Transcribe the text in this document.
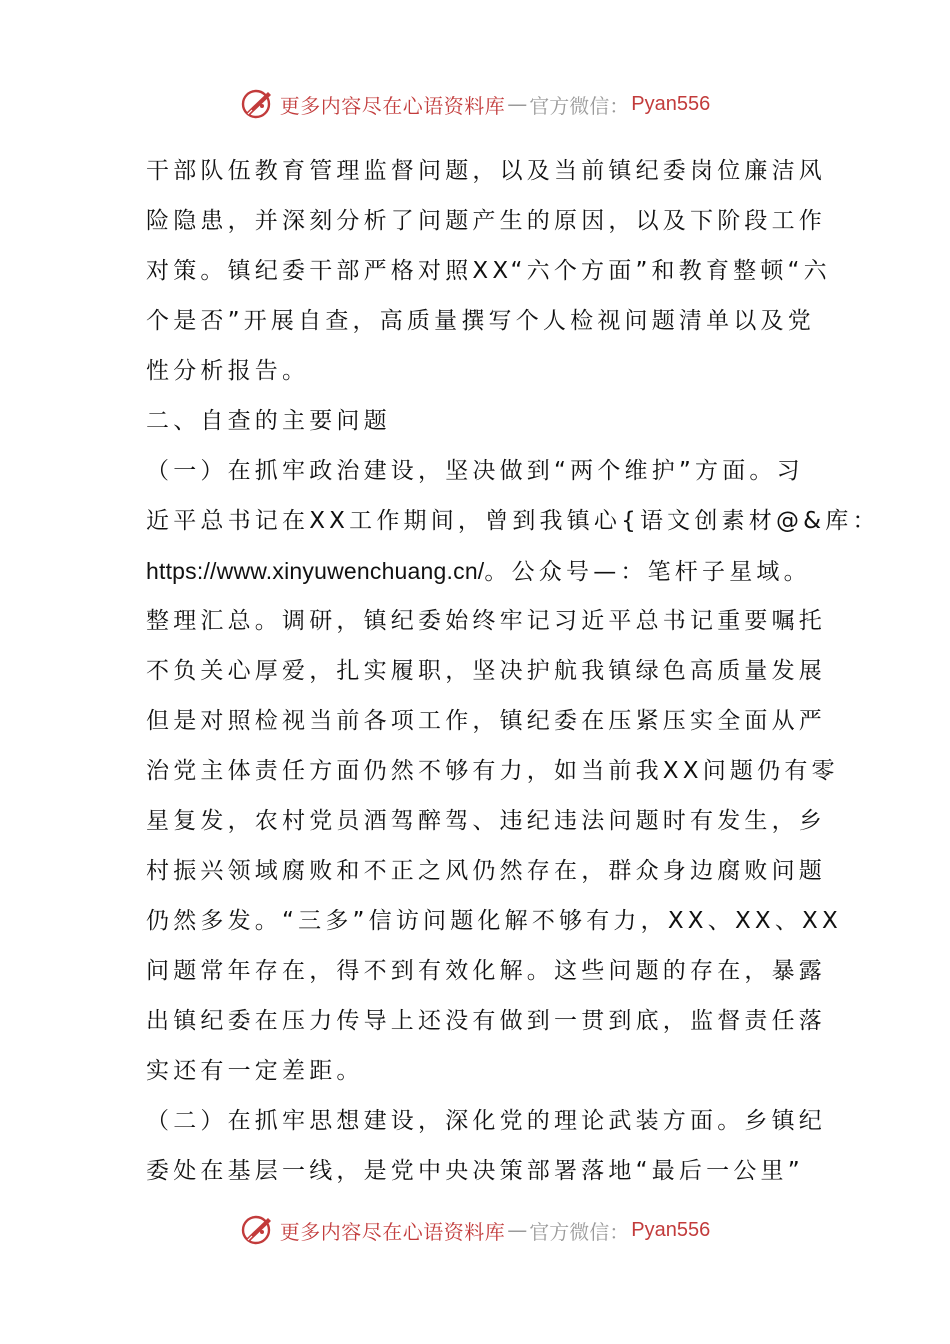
更多内容尽在心语资料库 — 官方微信： Pyan556
干部队伍教育管理监督问题，以及当前镇纪委岗位廉洁风
险隐患，并深刻分析了问题产生的原因，以及下阶段工作
对策。镇纪委干部严格对照XX“六个方面”和教育整顿“六
个是否”开展自查，高质量撰写个人检视问题清单以及党
性分析报告。
二、自查的主要问题
（一）在抓牢政治建设，坚决做到“两个维护”方面。习
近平总书记在XX工作期间，曾到我镇心{语文创素材@&库：
https://www.xinyuwenchuang.cn/。公众号—：笔杆子星域。
整理汇总。调研，镇纪委始终牢记习近平总书记重要嘱托
不负关心厚爱，扎实履职，坚决护航我镇绿色高质量发展
但是对照检视当前各项工作，镇纪委在压紧压实全面从严
治党主体责任方面仍然不够有力，如当前我XX问题仍有零
星复发，农村党员酒驾醉驾、违纪违法问题时有发生，乡
村振兴领域腐败和不正之风仍然存在，群众身边腐败问题
仍然多发。“三多”信访问题化解不够有力，XX、XX、XX
问题常年存在，得不到有效化解。这些问题的存在，暴露
出镇纪委在压力传导上还没有做到一贯到底，监督责任落
实还有一定差距。
（二）在抓牢思想建设，深化党的理论武装方面。乡镇纪
委处在基层一线，是党中央决策部署落地“最后一公里”
更多内容尽在心语资料库 — 官方微信： Pyan556
